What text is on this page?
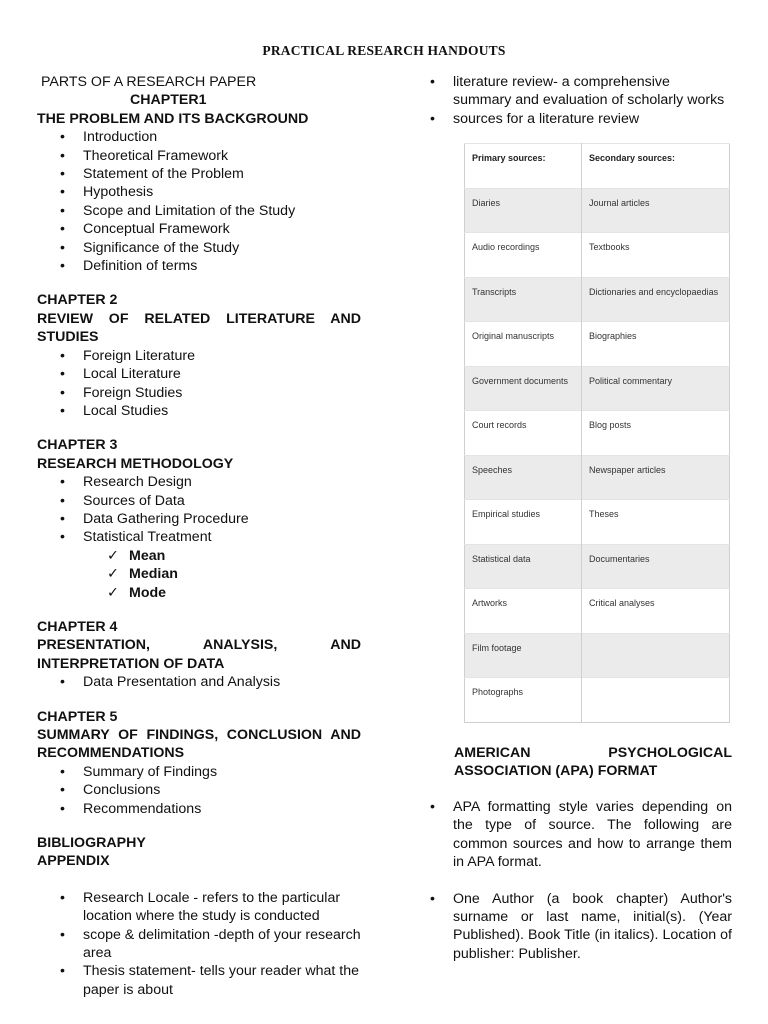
PRACTICAL RESEARCH HANDOUTS
PARTS OF A RESEARCH PAPER
CHAPTER1
THE PROBLEM AND ITS BACKGROUND
• Introduction
• Theoretical Framework
• Statement of the Problem
• Hypothesis
• Scope and Limitation of the Study
• Conceptual Framework
• Significance of the Study
• Definition of terms
CHAPTER 2
REVIEW OF RELATED LITERATURE AND
STUDIES
• Foreign Literature
• Local Literature
• Foreign Studies
• Local Studies
CHAPTER 3
RESEARCH METHODOLOGY
• Research Design
• Sources of Data
• Data Gathering Procedure
• Statistical Treatment
✓ Mean
✓ Median
✓ Mode
CHAPTER 4
PRESENTATION, ANALYSIS, AND
INTERPRETATION OF DATA
• Data Presentation and Analysis
CHAPTER 5
SUMMARY OF FINDINGS, CONCLUSION AND
RECOMMENDATIONS
• Summary of Findings
• Conclusions
• Recommendations
BIBLIOGRAPHY
APPENDIX
• Research Locale - refers to the particular location where the study is conducted
• scope & delimitation -depth of your research area
• Thesis statement- tells your reader what the paper is about
• literature review- a comprehensive summary and evaluation of scholarly works
• sources for a literature review
Primary sources:	Secondary sources:

Diaries	Journal articles

Audio recordings	Textbooks

Transcripts	Dictionaries and encyclopaedias

Original manuscripts	Biographies

Government documents	Political commentary

Court records	Blog posts

Speeches	Newspaper articles

Empirical studies	Theses

Statistical data	Documentaries

Artworks	Critical analyses

Film footage	

Photographs	

AMERICAN PSYCHOLOGICAL
ASSOCIATION (APA) FORMAT
• APA formatting style varies depending on the type of source. The following are common sources and how to arrange them in APA format.
• One Author (a book chapter) Author's surname or last name, initial(s). (Year Published). Book Title (in italics). Location of publisher: Publisher.
